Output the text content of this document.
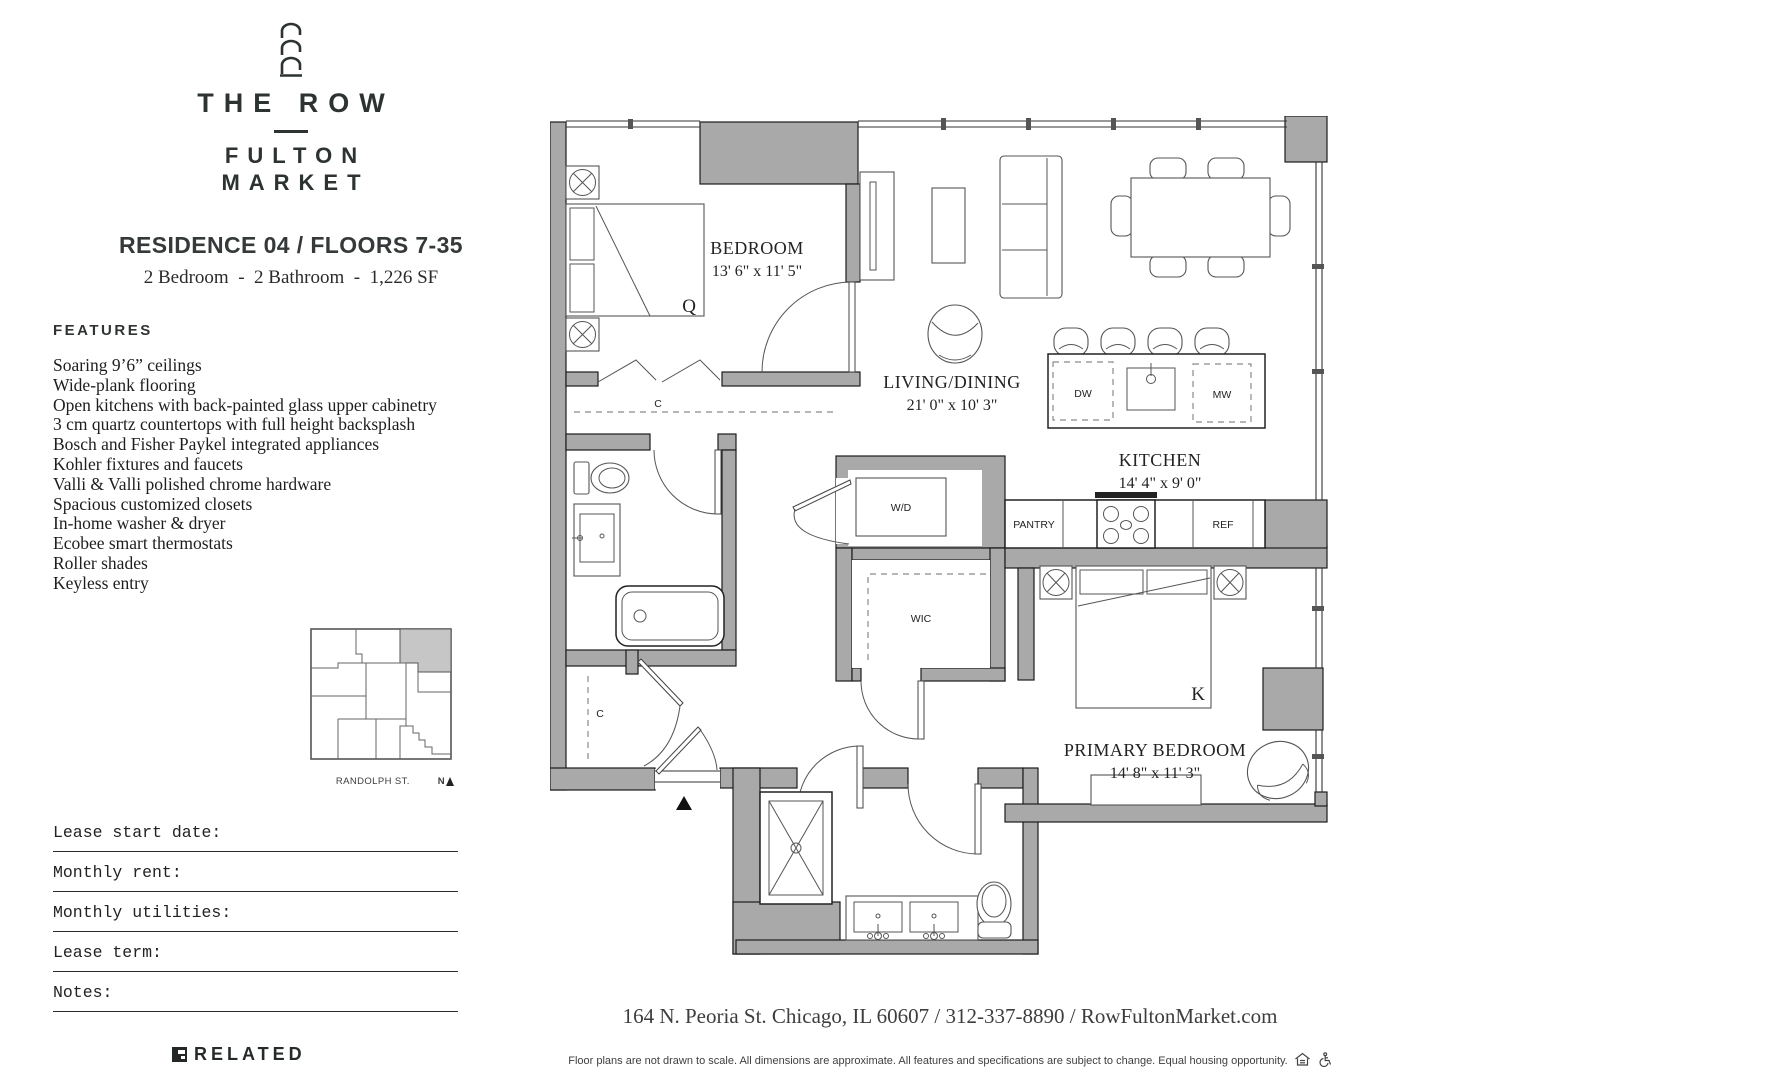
THE ROW
FULTON
MARKET
RESIDENCE 04 / FLOORS 7-35
2 Bedroom  -  2 Bathroom  -  1,226 SF
FEATURES
Soaring 9’6” ceilings
Wide-plank flooring
Open kitchens with back-painted glass upper cabinetry
3 cm quartz countertops with full height backsplash
Bosch and Fisher Paykel integrated appliances
Kohler fixtures and faucets
Valli & Valli polished chrome hardware
Spacious customized closets
In-home washer & dryer
Ecobee smart thermostats
Roller shades
Keyless entry
RANDOLPH ST.	N
Lease start date:
Monthly rent:
Monthly utilities:
Lease term:
Notes:
RELATED
DW	MW
PANTRY	REF
W/D
BEDROOM
13' 6" x 11' 5"
Q
LIVING/DINING
21' 0" x 10' 3"
KITCHEN
14' 4" x 9' 0"
PRIMARY BEDROOM
14' 8" x 11' 3"
K
C
C
WIC
164 N. Peoria St. Chicago, IL 60607 / 312-337-8890 / RowFultonMarket.com
Floor plans are not drawn to scale. All dimensions are approximate. All features and specifications are subject to change. Equal housing opportunity.
